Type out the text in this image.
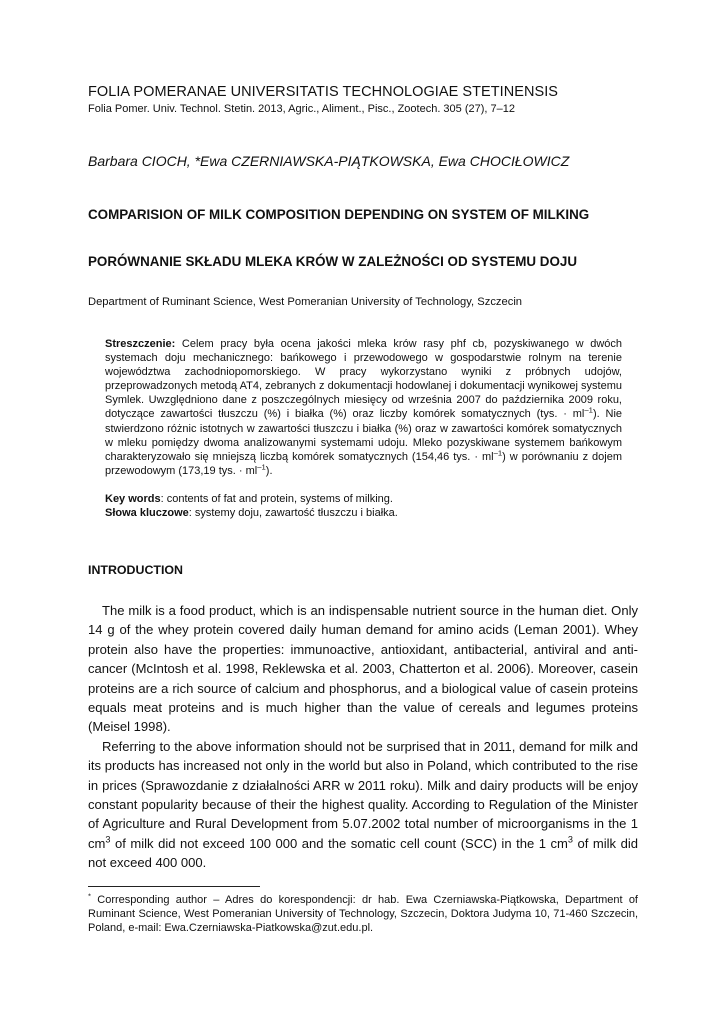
FOLIA POMERANAE UNIVERSITATIS TECHNOLOGIAE STETINENSIS
Folia Pomer. Univ. Technol. Stetin. 2013, Agric., Aliment., Pisc., Zootech. 305 (27), 7–12
Barbara CIOCH, *Ewa CZERNIAWSKA-PIĄTKOWSKA, Ewa CHOCIŁOWICZ
COMPARISION OF MILK COMPOSITION DEPENDING ON SYSTEM OF MILKING
PORÓWNANIE SKŁADU MLEKA KRÓW W ZALEŻNOŚCI OD SYSTEMU DOJU
Department of Ruminant Science, West Pomeranian University of Technology, Szczecin

Streszczenie: Celem pracy była ocena jakości mleka krów rasy phf cb, pozyskiwanego w dwóch systemach doju mechanicznego: bańkowego i przewodowego w gospodarstwie rolnym na terenie województwa zachodniopomorskiego. W pracy wykorzystano wyniki z próbnych udojów, przeprowadzonych metodą AT4, zebranych z dokumentacji hodowlanej i dokumentacji wynikowej systemu Symlek. Uwzględniono dane z poszczególnych miesięcy od września 2007 do października 2009 roku, dotyczące zawartości tłuszczu (%) i białka (%) oraz liczby komórek somatycznych (tys. · $ml^{-1}$). Nie stwierdzono różnic istotnych w zawartości tłuszczu i białka (%) oraz w zawartości komórek somatycznych w mleku pomiędzy dwoma analizowanymi systemami udoju. Mleko pozyskiwane systemem bańkowym charakteryzowało się mniejszą liczbą komórek somatycznych (154,46 tys. · $ml^{-1}$) w porównaniu z dojem przewodowym (173,19 tys. · $ml^{-1}$).

Key words: contents of fat and protein, systems of milking.
Słowa kluczowe: systemy doju, zawartość tłuszczu i białka.
INTRODUCTION

The milk is a food product, which is an indispensable nutrient source in the human diet. Only 14 g of the whey protein covered daily human demand for amino acids (Leman 2001). Whey protein also have the properties: immunoactive, antioxidant, antibacterial, antiviral and anti-cancer (McIntosh et al. 1998, Reklewska et al. 2003, Chatterton et al. 2006). Moreover, casein proteins are a rich source of calcium and phosphorus, and a biological value of casein proteins equals meat proteins and is much higher than the value of cereals and legumes proteins (Meisel 1998).

Referring to the above information should not be surprised that in 2011, demand for milk and its products has increased not only in the world but also in Poland, which contributed to the rise in prices (Sprawozdanie z działalności ARR w 2011 roku). Milk and dairy products will be enjoy constant popularity because of their the highest quality. According to Regulation of the Minister of Agriculture and Rural Development from 5.07.2002 total number of microorganisms in the 1 $cm^3$ of milk did not exceed 100 000 and the somatic cell count (SCC) in the 1 $cm^3$ of milk did not exceed 400 000.

* Corresponding author – Adres do korespondencji: dr hab. Ewa Czerniawska-Piątkowska, Department of Ruminant Science, West Pomeranian University of Technology, Szczecin, Doktora Judyma 10, 71-460 Szczecin, Poland, e-mail: Ewa.Czerniawska-Piatkowska@zut.edu.pl.
